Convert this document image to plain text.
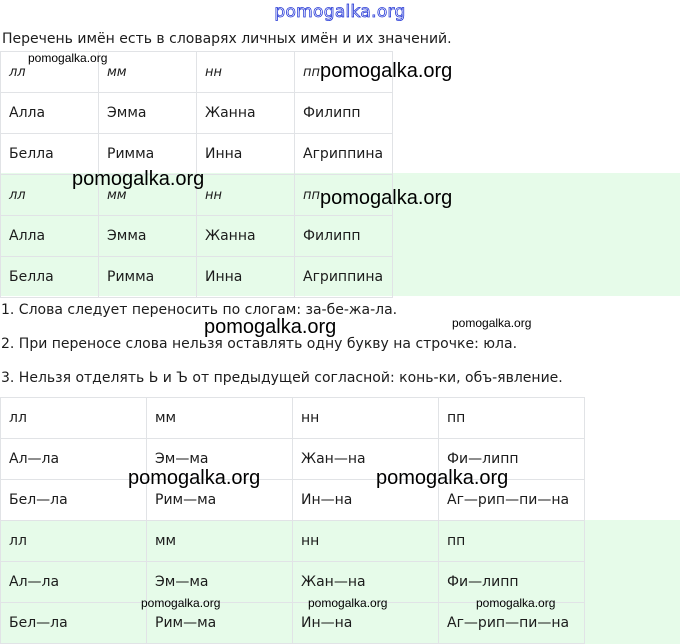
pomogalka.org
Перечень имён есть в словарях личных имён и их значений.
лл	мм	нн	пп
Алла	Эмма	Жанна	Филипп
Белла	Римма	Инна	Агриппина
лл	мм	нн	пп
Алла	Эмма	Жанна	Филипп
Белла	Римма	Инна	Агриппина
1. Слова следует переносить по слогам: за-бе-жа-ла.
2. При переносе слова нельзя оставлять одну букву на строчке: юла.
3. Нельзя отделять Ь и Ъ от предыдущей согласной: конь-ки, объ-явление.
лл	мм	нн	пп
Ал—ла	Эм—ма	Жан—на	Фи—липп
Бел—ла	Рим—ма	Ин—на	Аг—рип—пи—на
лл	мм	нн	пп
Ал—ла	Эм—ма	Жан—на	Фи—липп
Бел—ла	Рим—ма	Ин—на	Аг—рип—пи—на
pomogalka.org
pomogalka.org
pomogalka.org
pomogalka.org
pomogalka.org	pomogalka.org
pomogalka.org	pomogalka.org
pomogalka.org	pomogalka.org	pomogalka.org
